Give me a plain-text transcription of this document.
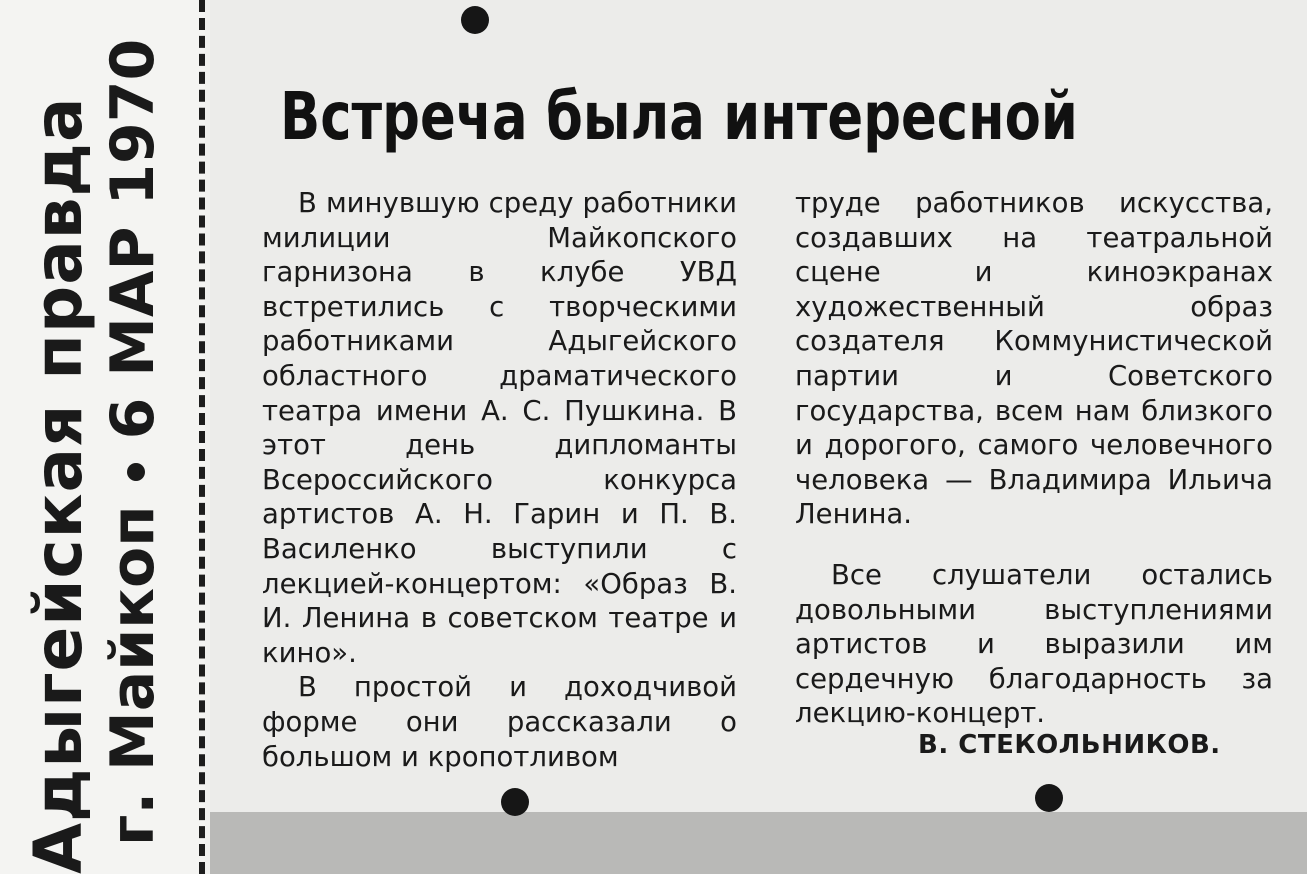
Адыгейская правда г. Майкоп6 МАР 1970 Встреча была интересной

В минувшую среду работники милиции Майкопского гарнизона в клубе УВД встретились с творческими работниками Адыгейского областного драматического театра имени А. С. Пушкина. В этот день дипломанты Всероссийского конкурса артистов А. Н. Гарин и П. В. Василенко выступили с лекцией-концертом: «Образ В. И. Ленина в советском театре и кино».

В простой и доходчивой форме они рассказали о большом и кропотливом

труде работников искусства, создавших на театральной сцене и киноэкранах художественный образ создателя Коммунистической партии и Советского государства, всем нам близкого и дорогого, самого человечного человека — Владимира Ильича Ленина.

Все слушатели остались довольными выступлениями артистов и выразили им сердечную благодарность за лекцию-концерт.

В. СТЕКОЛЬНИКОВ.
